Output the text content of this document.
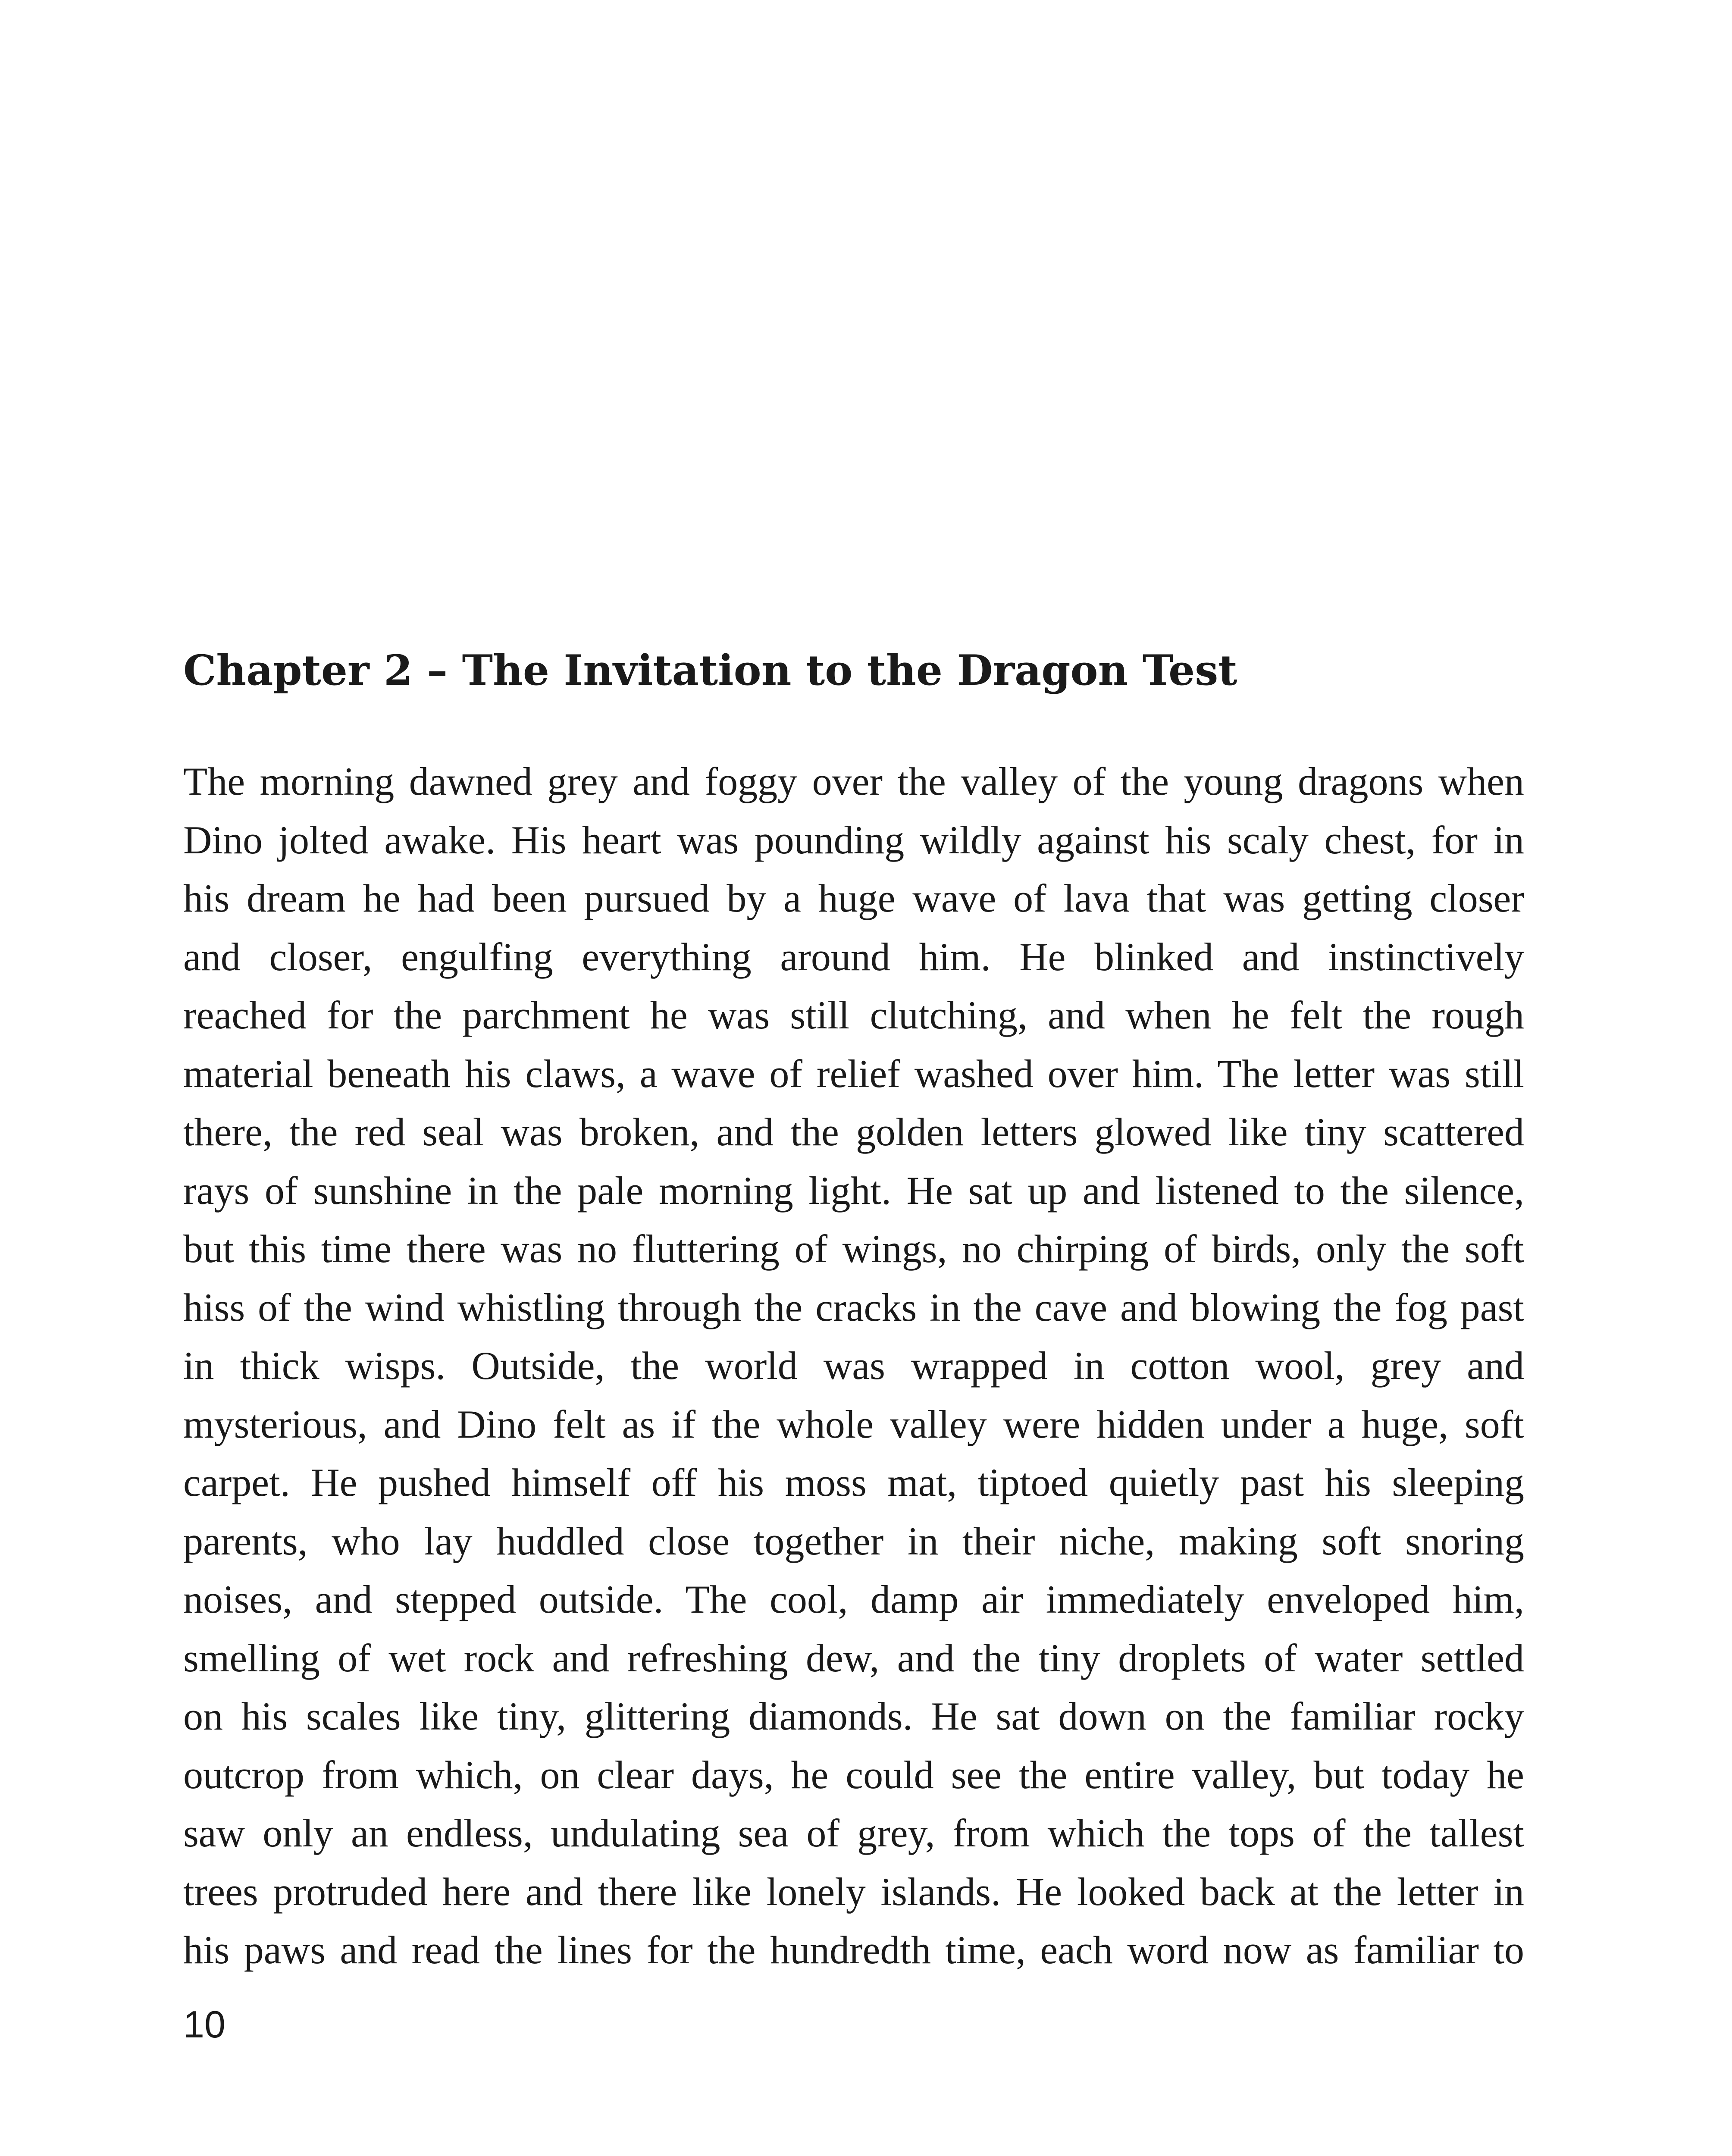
Chapter 2 – The Invitation to the Dragon Test
The morning dawned grey and foggy over the valley of the young dragons when
Dino jolted awake. His heart was pounding wildly against his scaly chest, for in
his dream he had been pursued by a huge wave of lava that was getting closer
and closer, engulfing everything around him. He blinked and instinctively
reached for the parchment he was still clutching, and when he felt the rough
material beneath his claws, a wave of relief washed over him. The letter was still
there, the red seal was broken, and the golden letters glowed like tiny scattered
rays of sunshine in the pale morning light. He sat up and listened to the silence,
but this time there was no fluttering of wings, no chirping of birds, only the soft
hiss of the wind whistling through the cracks in the cave and blowing the fog past
in thick wisps. Outside, the world was wrapped in cotton wool, grey and
mysterious, and Dino felt as if the whole valley were hidden under a huge, soft
carpet. He pushed himself off his moss mat, tiptoed quietly past his sleeping
parents, who lay huddled close together in their niche, making soft snoring
noises, and stepped outside. The cool, damp air immediately enveloped him,
smelling of wet rock and refreshing dew, and the tiny droplets of water settled
on his scales like tiny, glittering diamonds. He sat down on the familiar rocky
outcrop from which, on clear days, he could see the entire valley, but today he
saw only an endless, undulating sea of grey, from which the tops of the tallest
trees protruded here and there like lonely islands. He looked back at the letter in
his paws and read the lines for the hundredth time, each word now as familiar to
10
